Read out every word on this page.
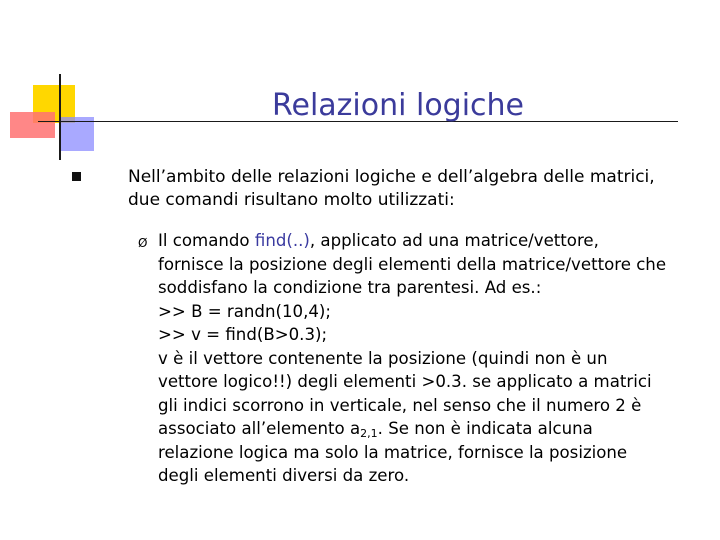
Relazioni logiche
Nell’ambito delle relazioni logiche e dell’algebra delle matrici, due comandi risultano molto utilizzati:
Ø Il comando find(..), applicato ad una matrice/vettore,
fornisce la posizione degli elementi della matrice/vettore che
soddisfano la condizione tra parentesi. Ad es.:
>> B = randn(10,4);
>> v = find(B>0.3);
v è il vettore contenente la posizione (quindi non è un
vettore logico!!) degli elementi >0.3. se applicato a matrici
gli indici scorrono in verticale, nel senso che il numero 2 è
associato all’elemento $a_{2,1}$. Se non è indicata alcuna
relazione logica ma solo la matrice, fornisce la posizione
degli elementi diversi da zero.
